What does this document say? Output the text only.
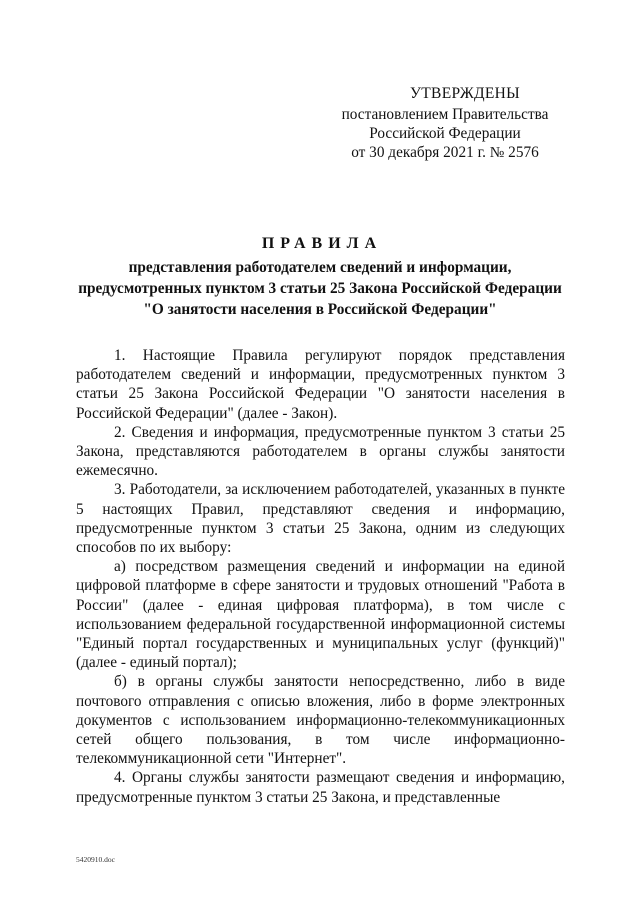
УТВЕРЖДЕНЫ
постановлением Правительства
Российской Федерации
от 30 декабря 2021 г. № 2576
ПРАВИЛА
представления работодателем сведений и информации,
предусмотренных пунктом 3 статьи 25 Закона Российской Федерации
"О занятости населения в Российской Федерации"

1. Настоящие Правила регулируют порядок представления работодателем сведений и информации, предусмотренных пунктом 3 статьи 25 Закона Российской Федерации "О занятости населения в Российской Федерации" (далее - Закон).

2. Сведения и информация, предусмотренные пунктом 3 статьи 25 Закона, представляются работодателем в органы службы занятости ежемесячно.

3. Работодатели, за исключением работодателей, указанных в пункте 5 настоящих Правил, представляют сведения и информацию, предусмотренные пунктом 3 статьи 25 Закона, одним из следующих способов по их выбору:

а) посредством размещения сведений и информации на единой цифровой платформе в сфере занятости и трудовых отношений "Работа в России" (далее - единая цифровая платформа), в том числе с использованием федеральной государственной информационной системы "Единый портал государственных и муниципальных услуг (функций)" (далее - единый портал);

б) в органы службы занятости непосредственно, либо в виде почтового отправления с описью вложения, либо в форме электронных документов с использованием информационно-телекоммуникационных сетей общего пользования, в том числе информационно-телекоммуникационной сети "Интернет".

4. Органы службы занятости размещают сведения и информацию, предусмотренные пунктом 3 статьи 25 Закона, и представленные

5420910.doc
